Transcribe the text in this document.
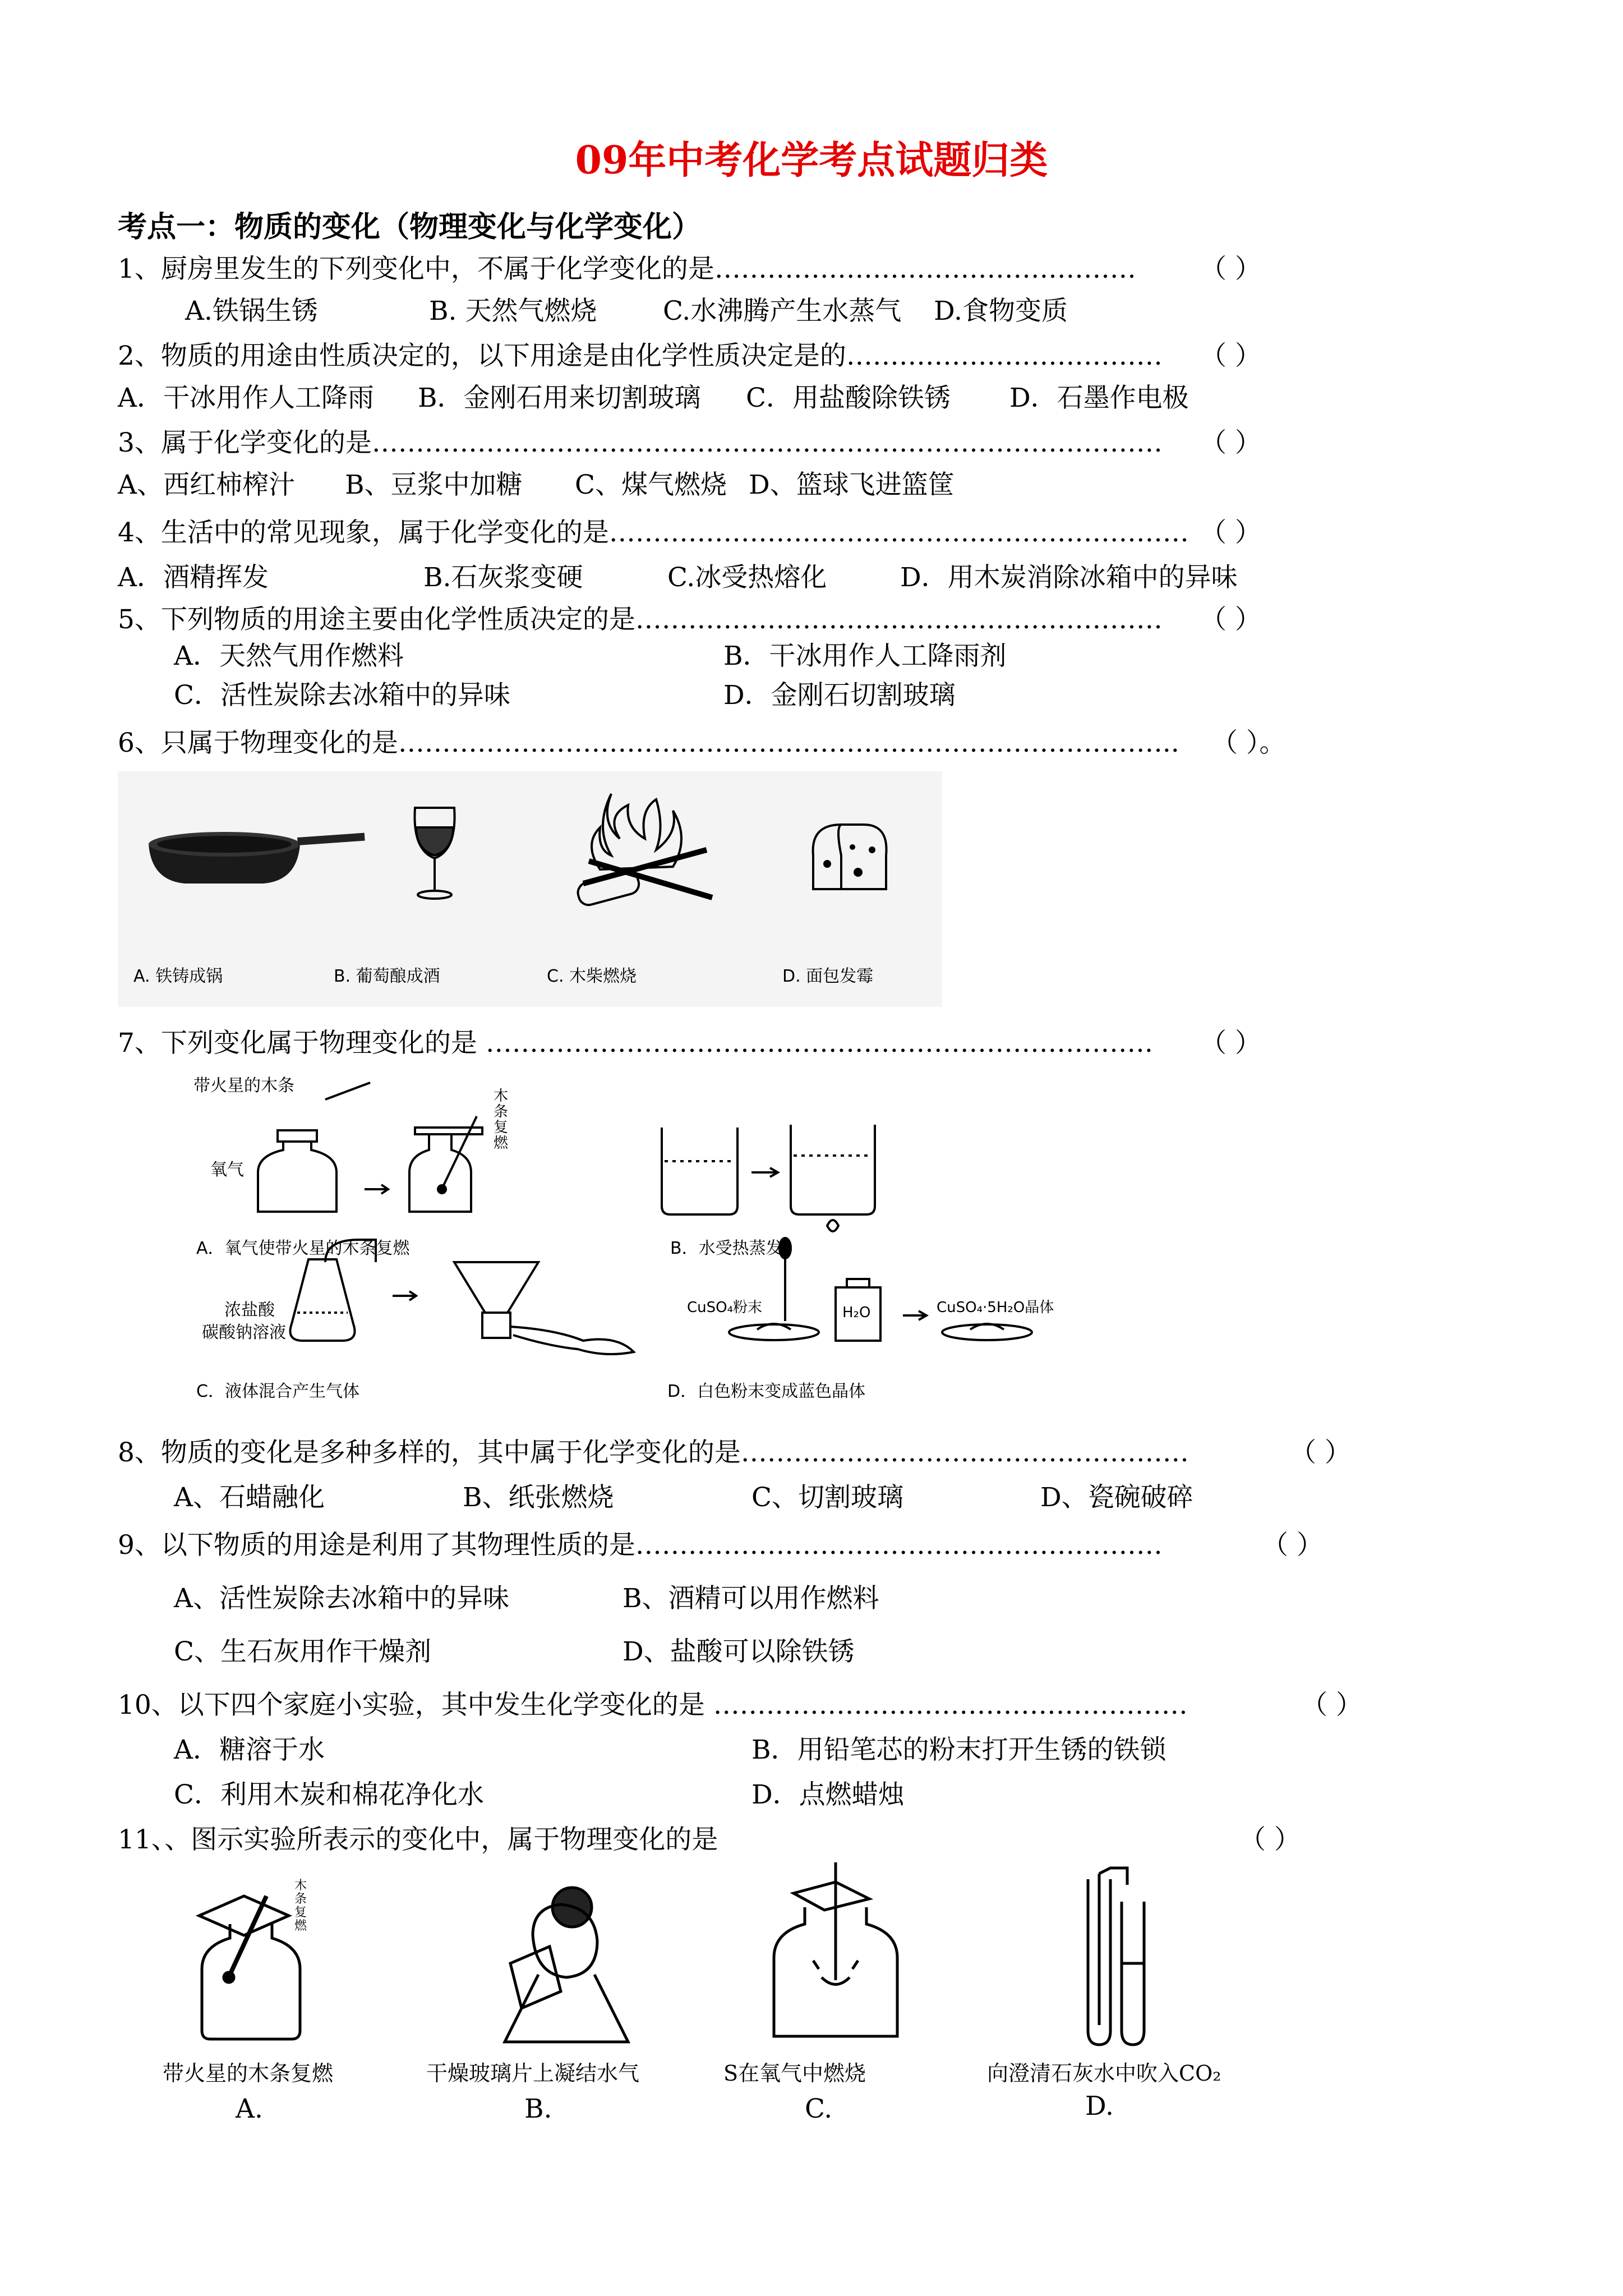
09年中考化学考点试题归类
考点一：物质的变化（物理变化与化学变化）
1、厨房里发生的下列变化中，不属于化学变化的是………………………………………… （ ）
A.铁锅生锈	B. 天然气燃烧	C.水沸腾产生水蒸气 D.食物变质
2、物质的用途由性质决定的，以下用途是由化学性质决定是的……………………………… （ ）
A．干冰用作人工降雨 B．金刚石用来切割玻璃 C．用盐酸除铁锈 D．石墨作电极
3、属于化学变化的是……………………………………………………………………………… （ ）
A、西红柿榨汁 B、豆浆中加糖 C、煤气燃烧 D、篮球飞进篮筐
4、生活中的常见现象，属于化学变化的是………………………………………………………… （ ）
A．酒精挥发	B.石灰浆变硬	C.冰受热熔化	D．用木炭消除冰箱中的异味
5、下列物质的用途主要由化学性质决定的是…………………………………………………… （ ）
A．天然气用作燃料	B．干冰用作人工降雨剂
C．活性炭除去冰箱中的异味	D．金刚石切割玻璃
6、只属于物理变化的是…………………………………………………………………………….. （ ）。
A. 铁铸成锅	B. 葡萄酿成酒	C. 木柴燃烧	D. 面包发霉
7、下列变化属于物理变化的是 …………………………………………………………………. （ ）
带火星的木条
木条复燃
氧气
A．氧气使带火星的木条复燃	B．水受热蒸发
浓盐酸
碳酸钠溶液
C．液体混合产生气体
CuSO₄粉末	H₂O	CuSO₄·5H₂O晶体
D．白色粉末变成蓝色晶体
8、物质的变化是多种多样的，其中属于化学变化的是……………………………………………	（ ）
A、石蜡融化	B、纸张燃烧	C、切割玻璃	D、瓷碗破碎
9、以下物质的用途是利用了其物理性质的是……………………………………………………	（ ）
A、活性炭除去冰箱中的异味	B、酒精可以用作燃料
C、生石灰用作干燥剂	D、盐酸可以除铁锈
10、以下四个家庭小实验，其中发生化学变化的是 ………………………………………………	（ ）
A．糖溶于水	B．用铅笔芯的粉末打开生锈的铁锁
C．利用木炭和棉花净化水	D．点燃蜡烛
11、、图示实验所表示的变化中，属于物理变化的是	（ ）
木条复燃
带火星的木条复燃	干燥玻璃片上凝结水气	S在氧气中燃烧	向澄清石灰水中吹入CO₂
A.	B.	C.	D.
